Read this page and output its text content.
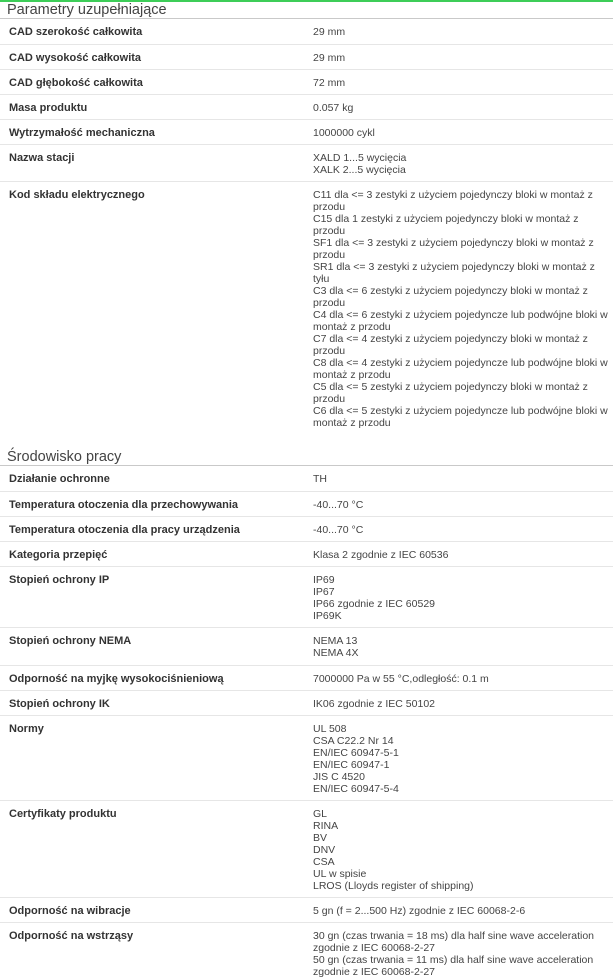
Parametry uzupełniające
CAD szerokość całkowita	29 mm
CAD wysokość całkowita	29 mm
CAD głębokość całkowita	72 mm
Masa produktu	0.057 kg
Wytrzymałość mechaniczna	1000000 cykl
Nazwa stacji	XALD 1...5 wycięcia
XALK 2...5 wycięcia
Kod składu elektrycznego	C11 dla <= 3 zestyki z użyciem pojedynczy bloki w montaż z
przodu
C15 dla 1 zestyki z użyciem pojedynczy bloki w montaż z
przodu
SF1 dla <= 3 zestyki z użyciem pojedynczy bloki w montaż z
przodu
SR1 dla <= 3 zestyki z użyciem pojedynczy bloki w montaż z
tyłu
C3 dla <= 6 zestyki z użyciem pojedynczy bloki w montaż z
przodu
C4 dla <= 6 zestyki z użyciem pojedyncze lub podwójne bloki w
montaż z przodu
C7 dla <= 4 zestyki z użyciem pojedynczy bloki w montaż z
przodu
C8 dla <= 4 zestyki z użyciem pojedyncze lub podwójne bloki w
montaż z przodu
C5 dla <= 5 zestyki z użyciem pojedynczy bloki w montaż z
przodu
C6 dla <= 5 zestyki z użyciem pojedyncze lub podwójne bloki w
montaż z przodu
Środowisko pracy
Działanie ochronne	TH
Temperatura otoczenia dla przechowywania	-40...70 °C
Temperatura otoczenia dla pracy urządzenia	-40...70 °C
Kategoria przepięć	Klasa 2 zgodnie z IEC 60536
Stopień ochrony IP	IP69
IP67
IP66 zgodnie z IEC 60529
IP69K
Stopień ochrony NEMA	NEMA 13
NEMA 4X
Odporność na myjkę wysokociśnieniową	7000000 Pa w 55 °C,odległość: 0.1 m
Stopień ochrony IK	IK06 zgodnie z IEC 50102
Normy	UL 508
CSA C22.2 Nr 14
EN/IEC 60947-5-1
EN/IEC 60947-1
JIS C 4520
EN/IEC 60947-5-4
Certyfikaty produktu	GL
RINA
BV
DNV
CSA
UL w spisie
LROS (Lloyds register of shipping)
Odporność na wibracje	5 gn (f = 2...500 Hz) zgodnie z IEC 60068-2-6
Odporność na wstrząsy	30 gn (czas trwania = 18 ms) dla half sine wave acceleration
zgodnie z IEC 60068-2-27
50 gn (czas trwania = 11 ms) dla half sine wave acceleration
zgodnie z IEC 60068-2-27
